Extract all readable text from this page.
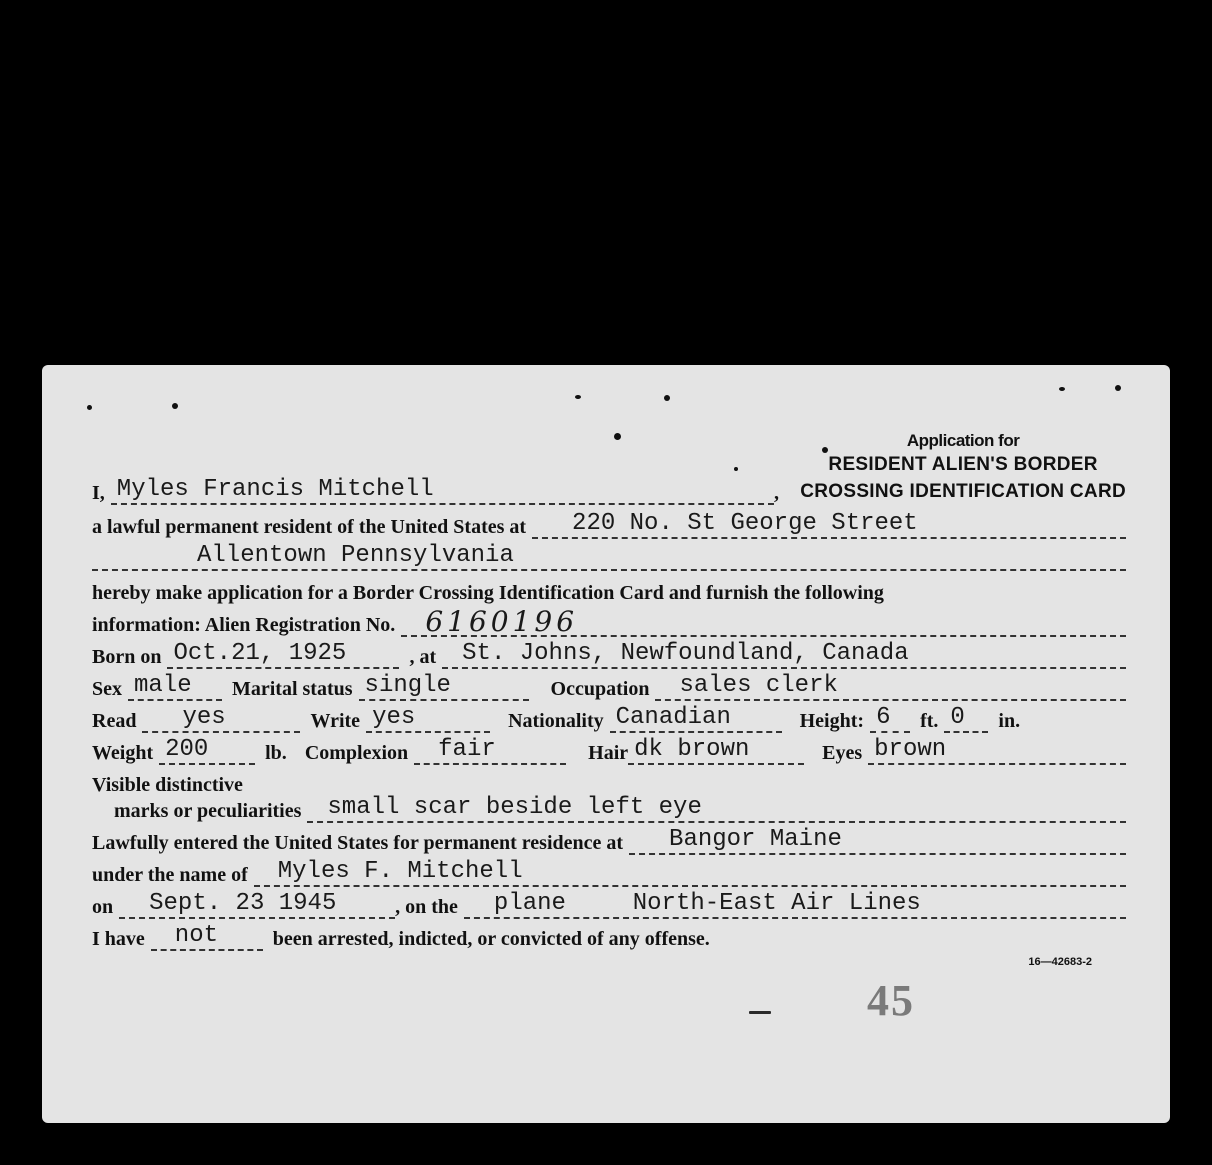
Application for
RESIDENT ALIEN'S BORDER
CROSSING IDENTIFICATION CARD
I, Myles Francis Mitchell	,
a lawful permanent resident of the United States at	220 No. St George Street
Allentown Pennsylvania
hereby make application for a Border Crossing Identification Card and furnish the following
information: Alien Registration No.	6160196
Born on Oct.21, 1925	, at	St. Johns, Newfoundland, Canada
Sex male	Marital status single	Occupation	sales clerk
Read	yes	Write yes	Nationality Canadian	Height: 6	ft. 0	in.
Weight 200	lb. Complexion	fair	Hair dk brown	Eyes brown
Visible distinctive
marks or peculiarities	small scar beside left eye
Lawfully entered the United States for permanent residence at	Bangor Maine
under the name of	Myles F. Mitchell
on	Sept. 23 1945	, on the	plane	North-East Air Lines
I have	not	been arrested, indicted, or convicted of any offense.
16—42683-2
45
